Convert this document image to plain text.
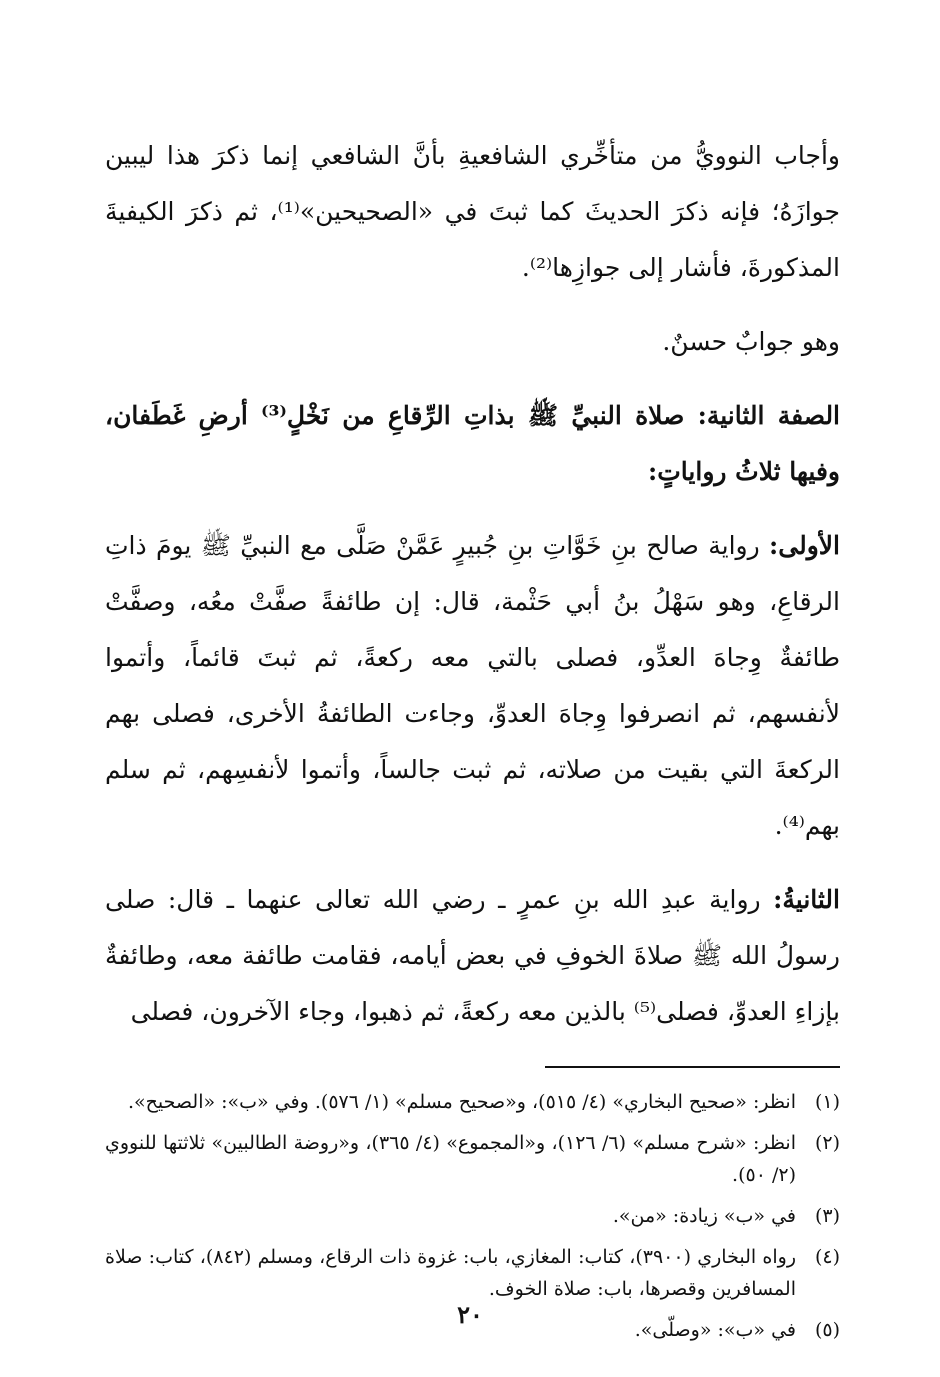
وأجاب النوويُّ من متأخِّري الشافعيةِ بأنَّ الشافعي إنما ذكرَ هذا ليبين جوازَهُ؛ فإنه ذكرَ الحديثَ كما ثبتَ في «الصحيحين»⁽¹⁾، ثم ذكرَ الكيفيةَ المذكورةَ، فأشار إلى جوازِها⁽²⁾.

وهو جوابٌ حسنٌ.

الصفة الثانية: صلاة النبيِّ ﷺ بذاتِ الرِّقاعِ من نَخْلٍ⁽³⁾ أرضِ غَطَفان، وفيها ثلاثُ رواياتٍ:

الأولى: رواية صالح بنِ خَوَّاتِ بنِ جُبيرٍ عَمَّنْ صَلَّى مع النبيِّ ﷺ يومَ ذاتِ الرقاعِ، وهو سَهْلُ بنُ أبي حَثْمة، قال: إن طائفةً صفَّتْ معُه، وصفَّتْ طائفةٌ وِجاهَ العدِّو، فصلى بالتي معه ركعةً، ثم ثبتَ قائماً، وأتموا لأنفسهم، ثم انصرفوا وِجاهَ العدوِّ، وجاءت الطائفةُ الأخرى، فصلى بهم الركعةَ التي بقيت من صلاته، ثم ثبت جالساً، وأتموا لأنفسِهم، ثم سلم بهم⁽⁴⁾.

الثانيةُ: رواية عبدِ الله بنِ عمرٍ ـ رضي الله تعالى عنهما ـ قال: صلى رسولُ الله ﷺ صلاةَ الخوفِ في بعض أيامه، فقامت طائفة معه، وطائفةٌ بإزاءِ العدوِّ، فصلى⁽⁵⁾ بالذين معه ركعةً، ثم ذهبوا، وجاء الآخرون، فصلى

(١)
انظر: «صحيح البخاري» (٤/ ٥١٥)، و«صحيح مسلم» (١/ ٥٧٦). وفي «ب»: «الصحيح».
(٢)
انظر: «شرح مسلم» (٦/ ١٢٦)، و«المجموع» (٤/ ٣٦٥)، و«روضة الطالبين» ثلاثتها للنووي (٢/ ٥٠).
(٣)
في «ب» زيادة: «من».
(٤)
رواه البخاري (٣٩٠٠)، كتاب: المغازي، باب: غزوة ذات الرقاع، ومسلم (٨٤٢)، كتاب: صلاة المسافرين وقصرها، باب: صلاة الخوف.
(٥)
في «ب»: «وصلّى».
٢٠
